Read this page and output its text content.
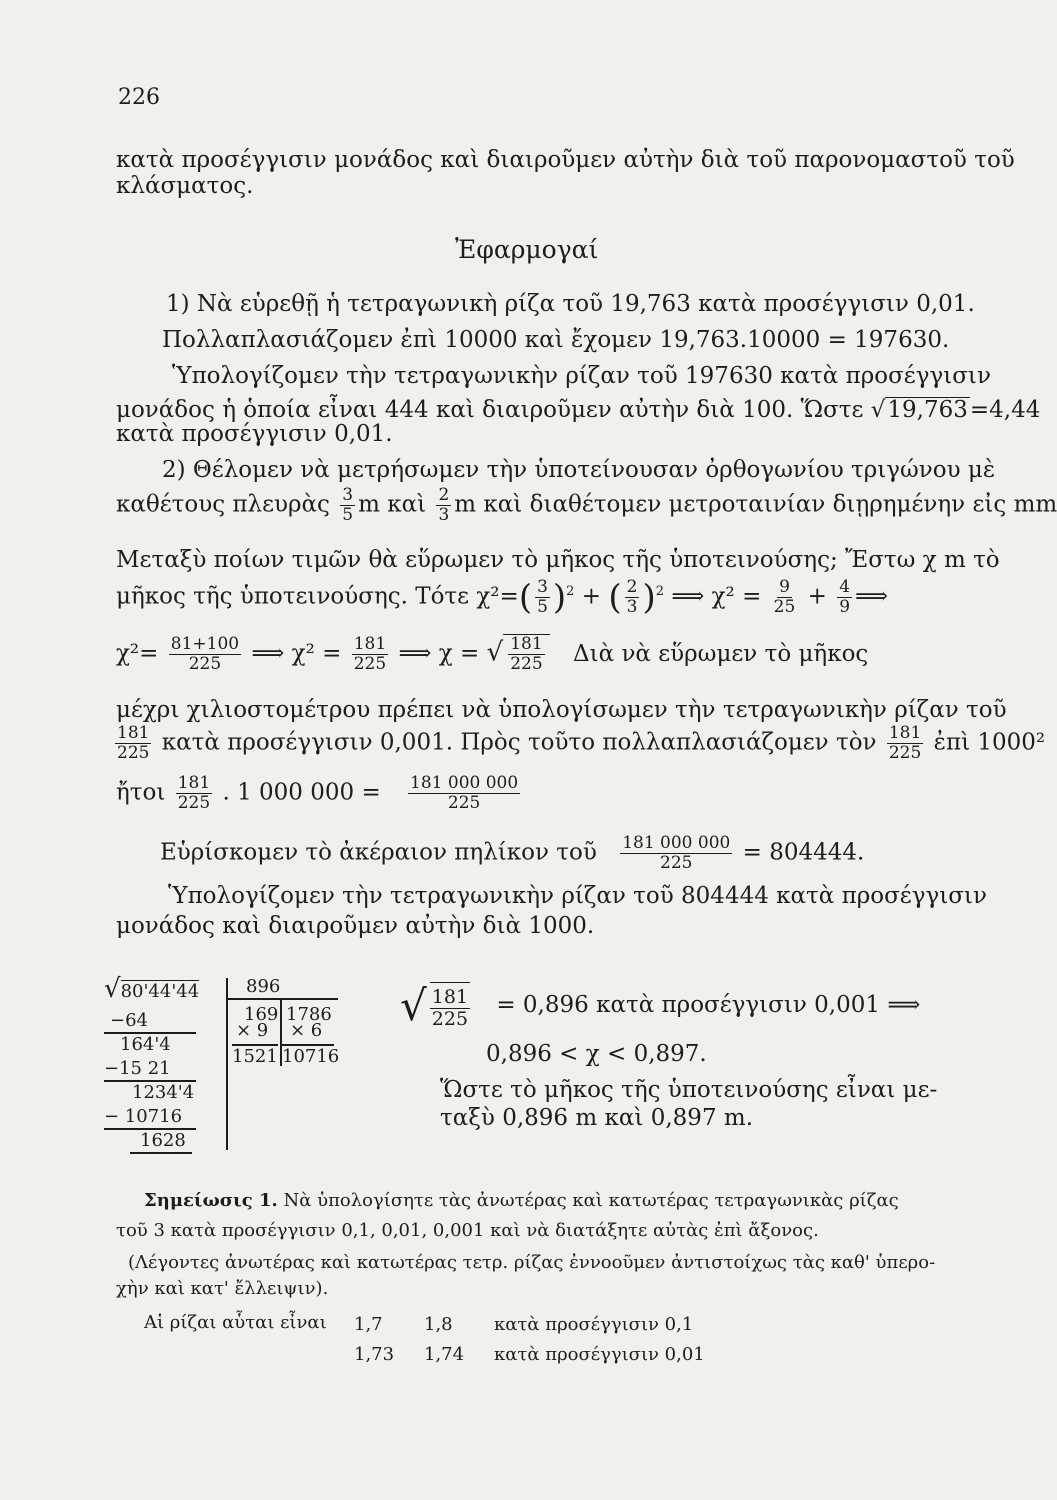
226
κατὰ προσέγγισιν μονάδος καὶ διαιροῦμεν αὐτὴν διὰ τοῦ παρονομαστοῦ τοῦ
κλάσματος.
Ἐφαρμογαί
1) Νὰ εὑρεθῇ ἡ τετραγωνικὴ ρίζα τοῦ 19,763 κατὰ προσέγγισιν 0,01.
Πολλαπλασιάζομεν ἐπὶ 10000 καὶ ἔχομεν 19,763.10000 = 197630.
Ὑπολογίζομεν τὴν τετραγωνικὴν ρίζαν τοῦ 197630 κατὰ προσέγγισιν
μονάδος ἡ ὁποία εἶναι 444 καὶ διαιροῦμεν αὐτὴν διὰ 100. Ὥστε √19,763=4,44
κατὰ προσέγγισιν 0,01.
2) Θέλομεν νὰ μετρήσωμεν τὴν ὑποτείνουσαν ὀρθογωνίου τριγώνου μὲ
καθέτους πλευρὰς $\frac{3}{5}$ m καὶ $\frac{2}{3}$ m καὶ διαθέτομεν μετροταινίαν διῃρημένην εἰς mm
Μεταξὺ ποίων τιμῶν θὰ εὕρωμεν τὸ μῆκος τῆς ὑποτεινούσης; Ἔστω χ m τὸ
μῆκος τῆς ὑποτεινούσης. Τότε $\chi^2=( \frac{3}{5} )^2$ + ( $\frac{2}{3} )^2$ ⟹ $\chi^2 = \frac{9}{25} + \frac{4}{9}$ ⟹
$\chi^2= \frac{81+100}{225}$ ⟹ $\chi^2 = \frac{181}{225}$ ⟹ χ = √ $\frac{181}{225}$ Διὰ νὰ εὕρωμεν τὸ μῆκος
μέχρι χιλιοστομέτρου πρέπει νὰ ὑπολογίσωμεν τὴν τετραγωνικὴν ρίζαν τοῦ
$\frac{181}{225}$ κατὰ προσέγγισιν 0,001. Πρὸς τοῦτο πολλαπλασιάζομεν τὸν $\frac{181}{225}$ ἐπὶ 1000²
ἤτοι $\frac{181}{225}$ . 1 000 $000 = \frac{181 000 000}{225}$
Εὑρίσκομεν τὸ ἀκέραιον πηλίκον τοῦ $\frac{181 000 000}{225} = 804444$.
Ὑπολογίζομεν τὴν τετραγωνικὴν ρίζαν τοῦ 804444 κατὰ προσέγγισιν
μονάδος καὶ διαιροῦμεν αὐτὴν διὰ 1000.
√80'44'44
−64
164'4
−15 21
1234'4
− 10716
1628
896
169
× 9
1521
1786
× 6
10716
√ $\frac{181}{225} = 0,896$ κατὰ προσέγγισιν 0,001 ⟹
0,896 < χ < 0,897.
Ὥστε τὸ μῆκος τῆς ὑποτεινούσης εἶναι με-
ταξὺ 0,896 m καὶ 0,897 m.
Σημείωσις 1. Νὰ ὑπολογίσητε τὰς ἀνωτέρας καὶ κατωτέρας τετραγωνικὰς ρίζας
τοῦ 3 κατὰ προσέγγισιν 0,1, 0,01, 0,001 καὶ νὰ διατάξητε αὐτὰς ἐπὶ ἄξονος.
(Λέγοντες ἀνωτέρας καὶ κατωτέρας τετρ. ρίζας ἐννοοῦμεν ἀντιστοίχως τὰς καθ' ὑπερο-
χὴν καὶ κατ' ἔλλειψιν).
Αἱ ρίζαι αὗται εἶναι 1,7 1,8 κατὰ προσέγγισιν 0,1
1,73 1,74 κατὰ προσέγγισιν 0,01
